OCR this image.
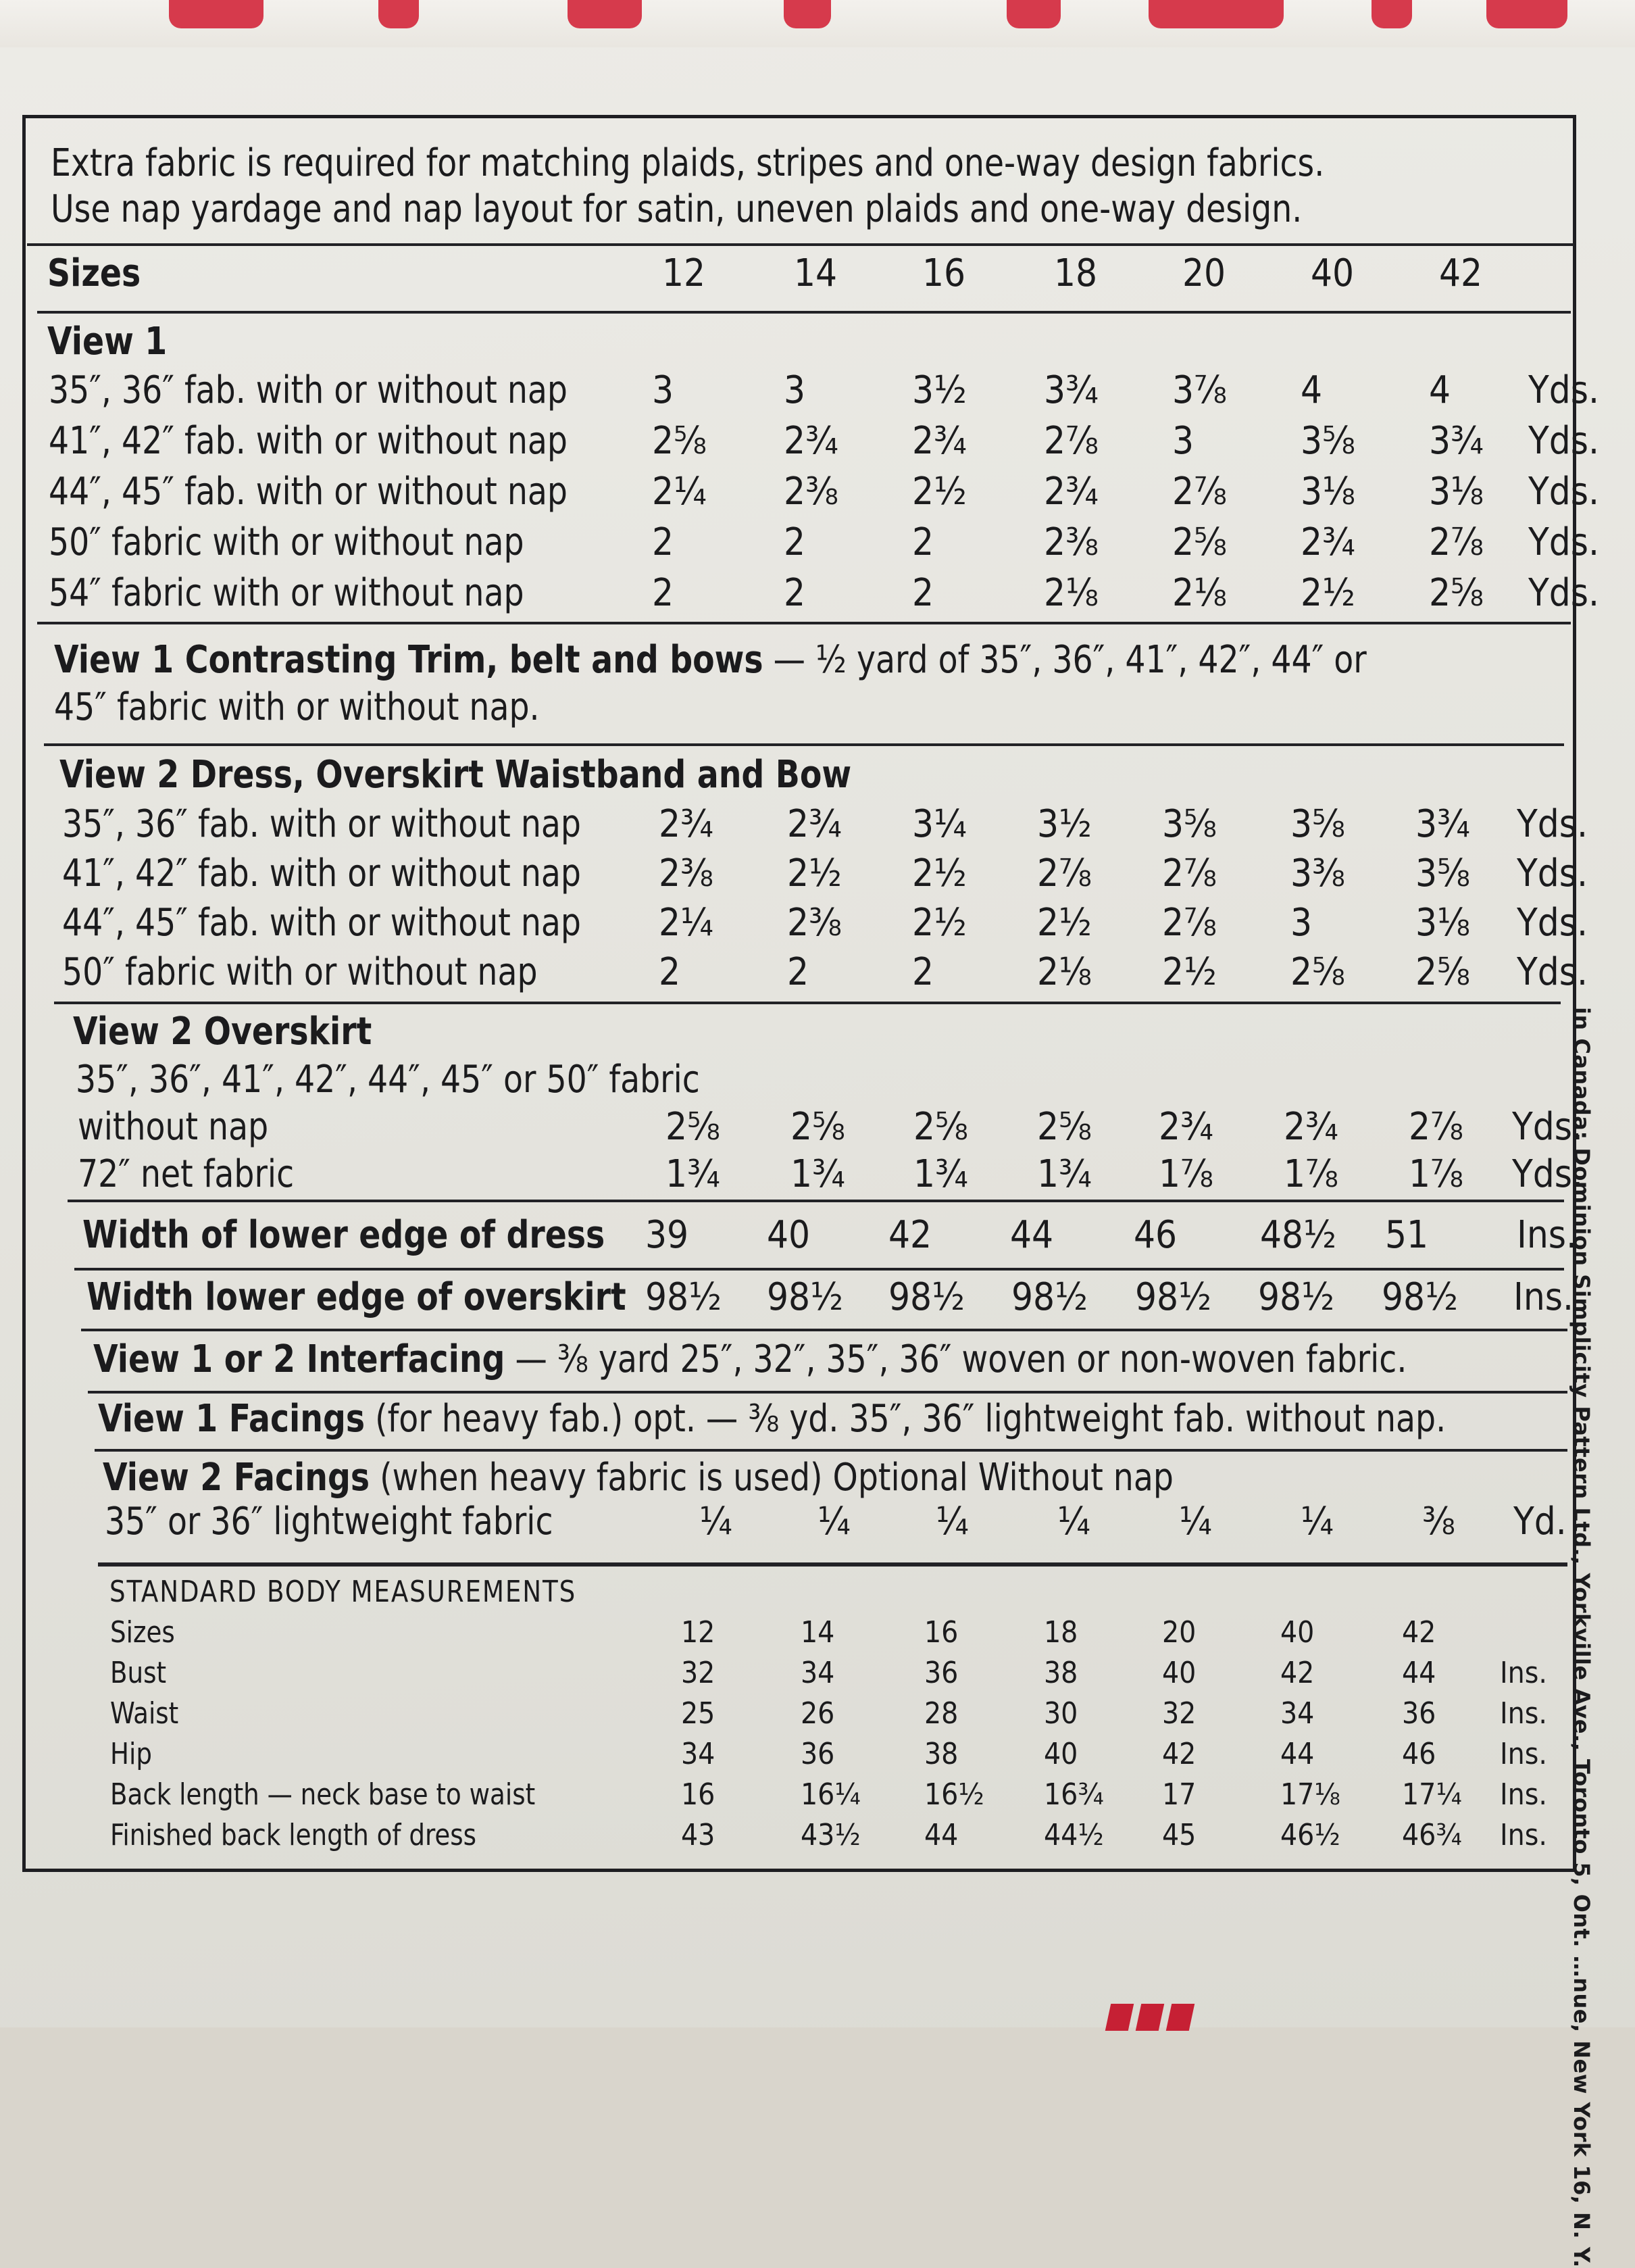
Extra fabric is required for matching plaids, stripes and one-way design fabrics.
Use nap yardage and nap layout for satin, uneven plaids and one-way design.
Sizes	12 14 16 18 20 40 42
View 1
35″, 36″ fab. with or without nap 3	3	3½ 3¾ 3⅞ 4	4 Yds.
41″, 42″ fab. with or without nap 2⅝ 2¾ 2¾ 2⅞ 3	3⅝ 3¾ Yds.
44″, 45″ fab. with or without nap 2¼ 2⅜ 2½ 2¾ 2⅞ 3⅛ 3⅛ Yds.
50″ fabric with or without nap	2	2	2	2⅜ 2⅝ 2¾ 2⅞ Yds.
54″ fabric with or without nap	2	2	2	2⅛ 2⅛ 2½ 2⅝ Yds.
View 1 Contrasting Trim, belt and bows — ½ yard of 35″, 36″, 41″, 42″, 44″ or
45″ fabric with or without nap.
View 2 Dress, Overskirt Waistband and Bow
35″, 36″ fab. with or without nap 2¾ 2¾ 3¼ 3½ 3⅝ 3⅝ 3¾ Yds.
41″, 42″ fab. with or without nap 2⅜ 2½ 2½ 2⅞ 2⅞ 3⅜ 3⅝ Yds.
44″, 45″ fab. with or without nap 2¼ 2⅜ 2½ 2½ 2⅞ 3	3⅛ Yds.
50″ fabric with or without nap	2	2	2	2⅛ 2½ 2⅝ 2⅝ Yds.
View 2 Overskirt
35″, 36″, 41″, 42″, 44″, 45″ or 50″ fabric
without nap	2⅝ 2⅝ 2⅝ 2⅝ 2¾ 2¾ 2⅞ Yds.
72″ net fabric	1¾ 1¾ 1¾ 1¾ 1⅞ 1⅞ 1⅞ Yds.
Width of lower edge of dress 39 40 42 44 46 48½ 51 Ins.
Width lower edge of overskirt 98½ 98½ 98½ 98½ 98½ 98½ 98½ Ins.
View 1 or 2 Interfacing — ⅜ yard 25″, 32″, 35″, 36″ woven or non-woven fabric.
View 1 Facings (for heavy fab.) opt. — ⅜ yd. 35″, 36″ lightweight fab. without nap.
View 2 Facings (when heavy fabric is used) Optional Without nap
35″ or 36″ lightweight fabric	¼ ¼ ¼ ¼ ¼ ¼ ⅜ Yd.
STANDARD BODY MEASUREMENTS
Sizes	12	14	16	18	20	40	42
Bust	32	34	36	38	40	42	44 Ins.
Waist	25	26	28	30	32	34	36 Ins.
Hip	34	36	38	40	42	44	46 Ins.
Back length — neck base to waist	16	16¼ 16½ 16¾ 17	17⅛ 17¼ Ins.
Finished back length of dress	43	43½ 44	44½ 45	46½ 46¾ Ins. in Canada: Dominion Simplicity Pattern Ltd., Yorkville Ave., Toronto 5, Ont. …nue, New York 16, N. Y.
